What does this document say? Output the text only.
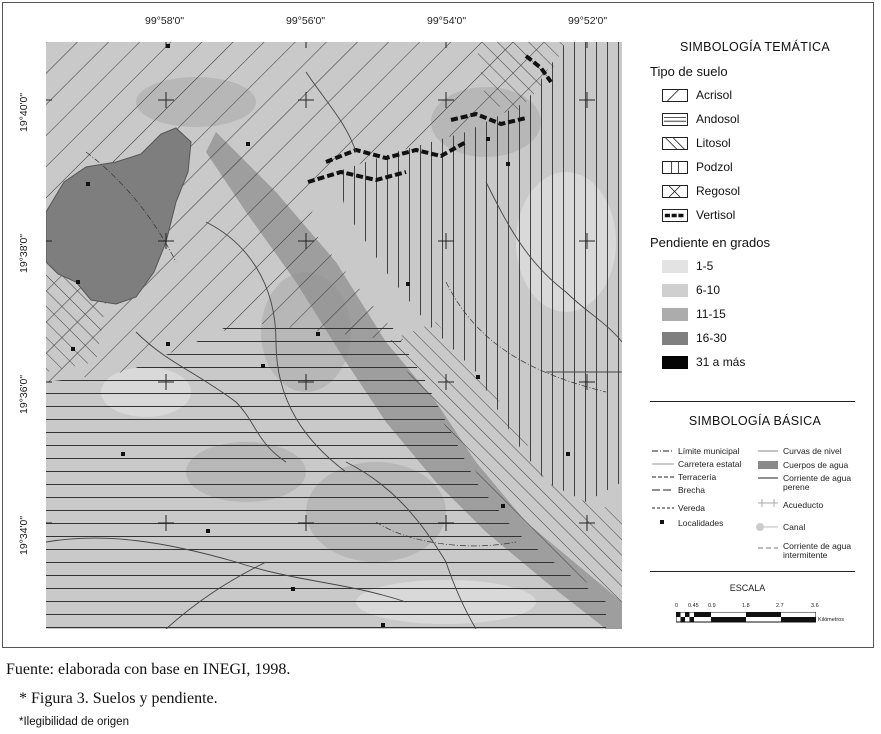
99°58'0"	99°56'0"	99°54'0"	99°52'0"
19°40'0"
19°38'0"
19°36'0"
19°34'0"
SIMBOLOGÍA TEMÁTICA
Tipo de suelo
Acrisol
Andosol
Litosol
Podzol
Regosol
Vertisol
Pendiente en grados
1-5
6-10
11-15
16-30
31 a más
SIMBOLOGÍA BÁSICA
Límite municipal
Carretera estatal
Terracería
Brecha
Vereda
Localidades
Curvas de nivel
Cuerpos de agua
Corriente de agua perene
Acueducto
Canal
Corriente de agua intermitente
ESCALA
0 0.45 0.9	1.8	2.7	3.6
Kilómetros
Fuente: elaborada con base en INEGI, 1998.
* Figura 3. Suelos y pendiente.
*Ilegibilidad de origen
